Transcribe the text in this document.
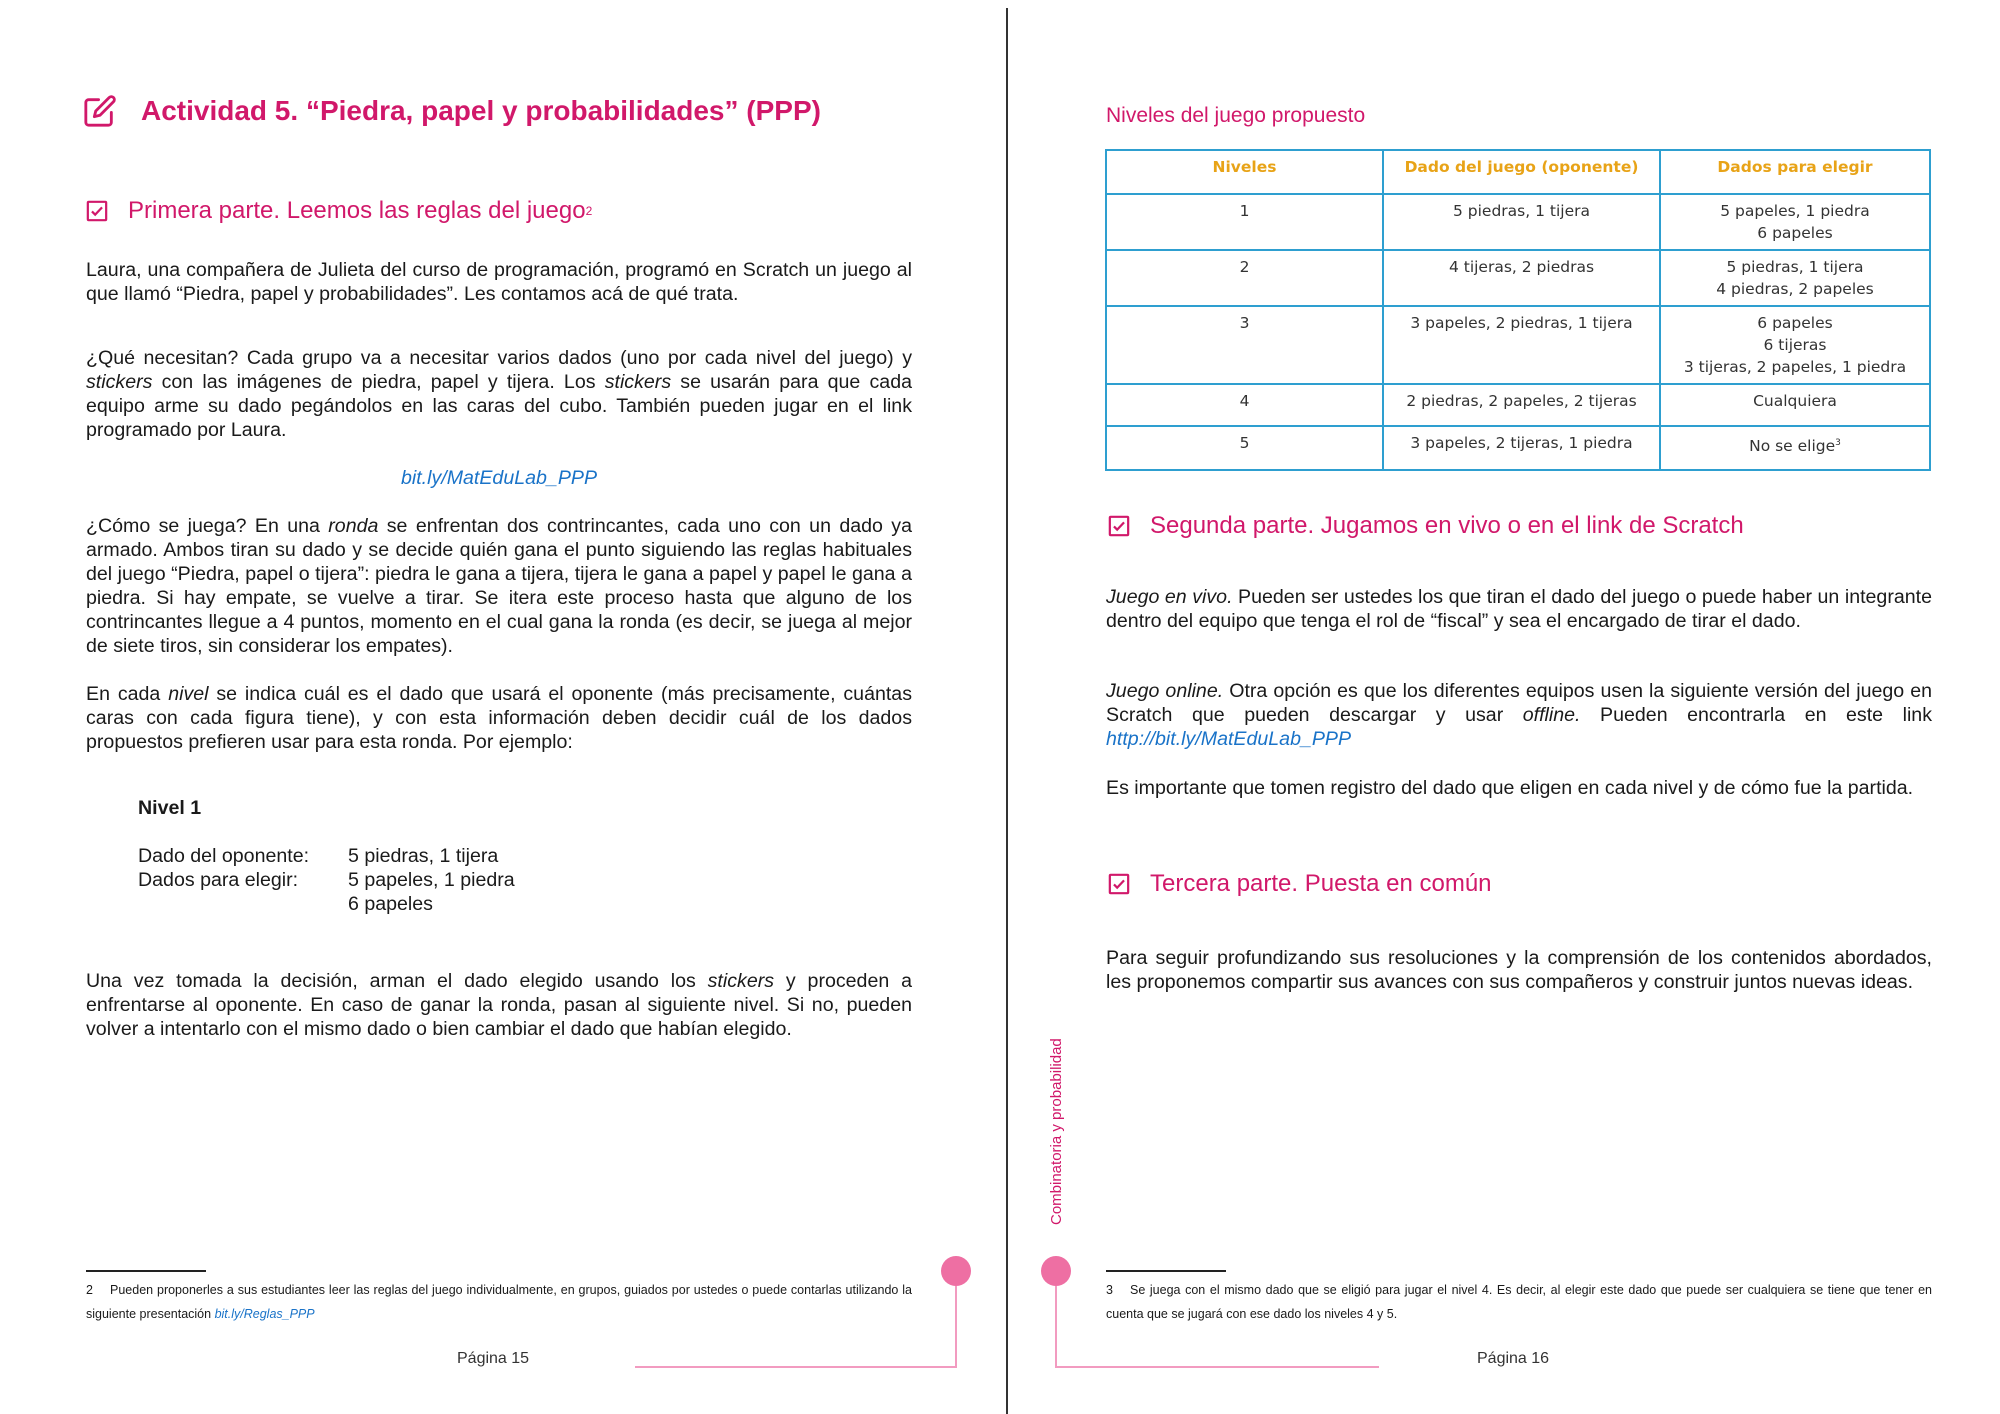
Actividad 5. “Piedra, papel y probabilidades” (PPP)
Primera parte. Leemos las reglas del juego 2

Laura, una compañera de Julieta del curso de programación, programó en Scratch un juego al que llamó “Piedra, papel y probabilidades”. Les contamos acá de qué trata.

¿Qué necesitan? Cada grupo va a necesitar varios dados (uno por cada nivel del juego) y stickers con las imágenes de piedra, papel y tijera. Los stickers se usarán para que cada equipo arme su dado pegándolos en las caras del cubo. También pueden jugar en el link programado por Laura.

bit.ly/MatEduLab_PPP

¿Cómo se juega? En una ronda se enfrentan dos contrincantes, cada uno con un dado ya armado. Ambos tiran su dado y se decide quién gana el punto siguiendo las reglas habituales del juego “Piedra, papel o tijera”: piedra le gana a tijera, tijera le gana a papel y papel le gana a piedra. Si hay empate, se vuelve a tirar. Se itera este proceso hasta que alguno de los contrincantes llegue a 4 puntos, momento en el cual gana la ronda (es decir, se juega al mejor de siete tiros, sin considerar los empates).

En cada nivel se indica cuál es el dado que usará el oponente (más precisamente, cuántas caras con cada figura tiene), y con esta información deben decidir cuál de los dados propuestos prefieren usar para esta ronda. Por ejemplo:

Nivel 1
Dado del oponente:	5 piedras, 1 tijera
Dados para elegir:	5 papeles, 1 piedra
6 papeles

Una vez tomada la decisión, arman el dado elegido usando los stickers y proceden a enfrentarse al oponente. En caso de ganar la ronda, pasan al siguiente nivel. Si no, pueden volver a intentarlo con el mismo dado o bien cambiar el dado que habían elegido.

2 Pueden proponerles a sus estudiantes leer las reglas del juego individualmente, en grupos, guiados por ustedes o puede contarlas utilizando la siguiente presentación bit.ly/Reglas_PPP
Página 15
Niveles del juego propuesto
Niveles	Dado del juego (oponente)	Dados para elegir
1	5 piedras, 1 tijera	5 papeles, 1 piedra
6 papeles
2	4 tijeras, 2 piedras	5 piedras, 1 tijera
4 piedras, 2 papeles
3	3 papeles, 2 piedras, 1 tijera	6 papeles
6 tijeras
3 tijeras, 2 papeles, 1 piedra
4	2 piedras, 2 papeles, 2 tijeras	Cualquiera
5	3 papeles, 2 tijeras, 1 piedra	No se elige$^3$
Segunda parte. Jugamos en vivo o en el link de Scratch

Juego en vivo. Pueden ser ustedes los que tiran el dado del juego o puede haber un integrante dentro del equipo que tenga el rol de “fiscal” y sea el encargado de tirar el dado.

Juego online. Otra opción es que los diferentes equipos usen la siguiente versión del juego en Scratch que pueden descargar y usar offline. Pueden encontrarla en este link http://bit.ly/MatEduLab_PPP

Es importante que tomen registro del dado que eligen en cada nivel y de cómo fue la partida.

Tercera parte. Puesta en común

Para seguir profundizando sus resoluciones y la comprensión de los contenidos abordados, les proponemos compartir sus avances con sus compañeros y construir juntos nuevas ideas.

Combinatoria y probabilidad
3 Se juega con el mismo dado que se eligió para jugar el nivel 4. Es decir, al elegir este dado que puede ser cualquiera se tiene que tener en cuenta que se jugará con ese dado los niveles 4 y 5.
Página 16
